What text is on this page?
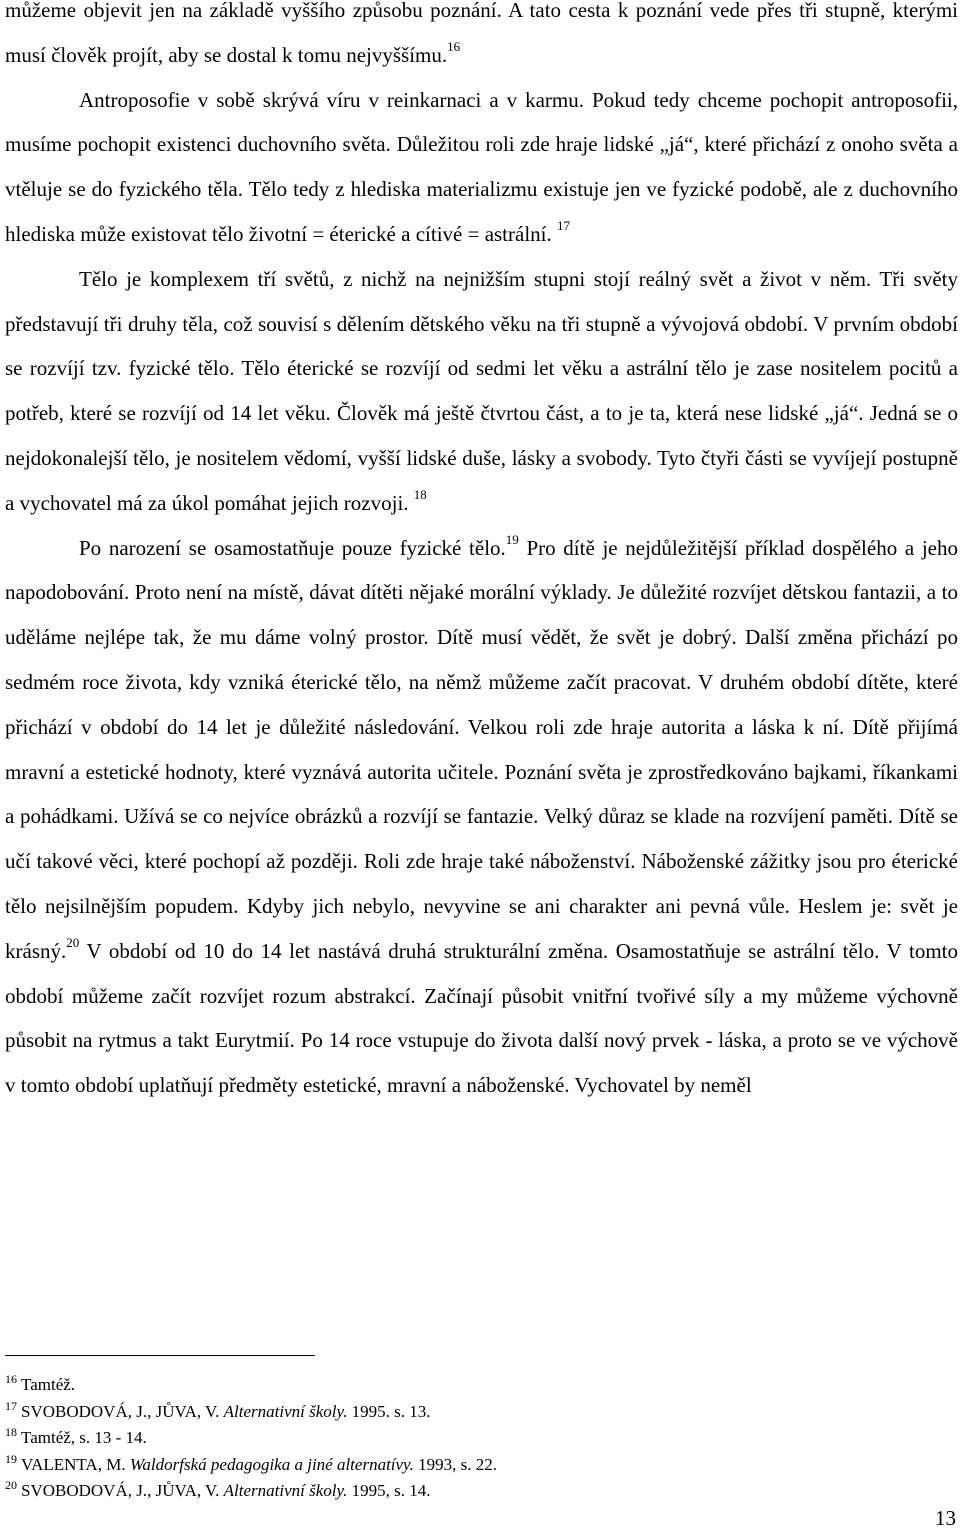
můžeme objevit jen na základě vyššího způsobu poznání. A tato cesta k poznání vede přes tři stupně, kterými musí člověk projít, aby se dostal k tomu nejvyššímu.$^{16}$

Antroposofie v sobě skrývá víru v reinkarnaci a v karmu. Pokud tedy chceme pochopit antroposofii, musíme pochopit existenci duchovního světa. Důležitou roli zde hraje lidské „já“, které přichází z onoho světa a vtěluje se do fyzického těla. Tělo tedy z hlediska materializmu existuje jen ve fyzické podobě, ale z duchovního hlediska může existovat tělo životní = éterické a cítivé = astrální. $^{17}$

Tělo je komplexem tří světů, z nichž na nejnižším stupni stojí reálný svět a život v něm. Tři světy představují tři druhy těla, což souvisí s dělením dětského věku na tři stupně a vývojová období. V prvním období se rozvíjí tzv. fyzické tělo. Tělo éterické se rozvíjí od sedmi let věku a astrální tělo je zase nositelem pocitů a potřeb, které se rozvíjí od 14 let věku. Člověk má ještě čtvrtou část, a to je ta, která nese lidské „já“. Jedná se o nejdokonalejší tělo, je nositelem vědomí, vyšší lidské duše, lásky a svobody. Tyto čtyři části se vyvíjejí postupně a vychovatel má za úkol pomáhat jejich rozvoji. $^{18}$

Po narození se osamostatňuje pouze fyzické tělo.$^{19}$ Pro dítě je nejdůležitější příklad dospělého a jeho napodobování. Proto není na místě, dávat dítěti nějaké morální výklady. Je důležité rozvíjet dětskou fantazii, a to uděláme nejlépe tak, že mu dáme volný prostor. Dítě musí vědět, že svět je dobrý. Další změna přichází po sedmém roce života, kdy vzniká éterické tělo, na němž můžeme začít pracovat. V druhém období dítěte, které přichází v období do 14 let je důležité následování. Velkou roli zde hraje autorita a láska k ní. Dítě přijímá mravní a estetické hodnoty, které vyznává autorita učitele. Poznání světa je zprostředkováno bajkami, říkankami a pohádkami. Užívá se co nejvíce obrázků a rozvíjí se fantazie. Velký důraz se klade na rozvíjení paměti. Dítě se učí takové věci, které pochopí až později. Roli zde hraje také náboženství. Náboženské zážitky jsou pro éterické tělo nejsilnějším popudem. Kdyby jich nebylo, nevyvine se ani charakter ani pevná vůle. Heslem je: svět je krásný.$^{20}$ V období od 10 do 14 let nastává druhá strukturální změna. Osamostatňuje se astrální tělo. V tomto období můžeme začít rozvíjet rozum abstrakcí. Začínají působit vnitřní tvořivé síly a my můžeme výchovně působit na rytmus a takt Eurytmií. Po 14 roce vstupuje do života další nový prvek - láska, a proto se ve výchově v tomto období uplatňují předměty estetické, mravní a náboženské. Vychovatel by neměl

$^{16}$ Tamtéž.

$^{17}$ SVOBODOVÁ, J., JŮVA, V. Alternativní školy. 1995. s. 13.

$^{18}$ Tamtéž, s. 13 - 14.

$^{19}$ VALENTA, M. Waldorfská pedagogika a jiné alternatívy. 1993, s. 22.

$^{20}$ SVOBODOVÁ, J., JŮVA, V. Alternativní školy. 1995, s. 14.

13
